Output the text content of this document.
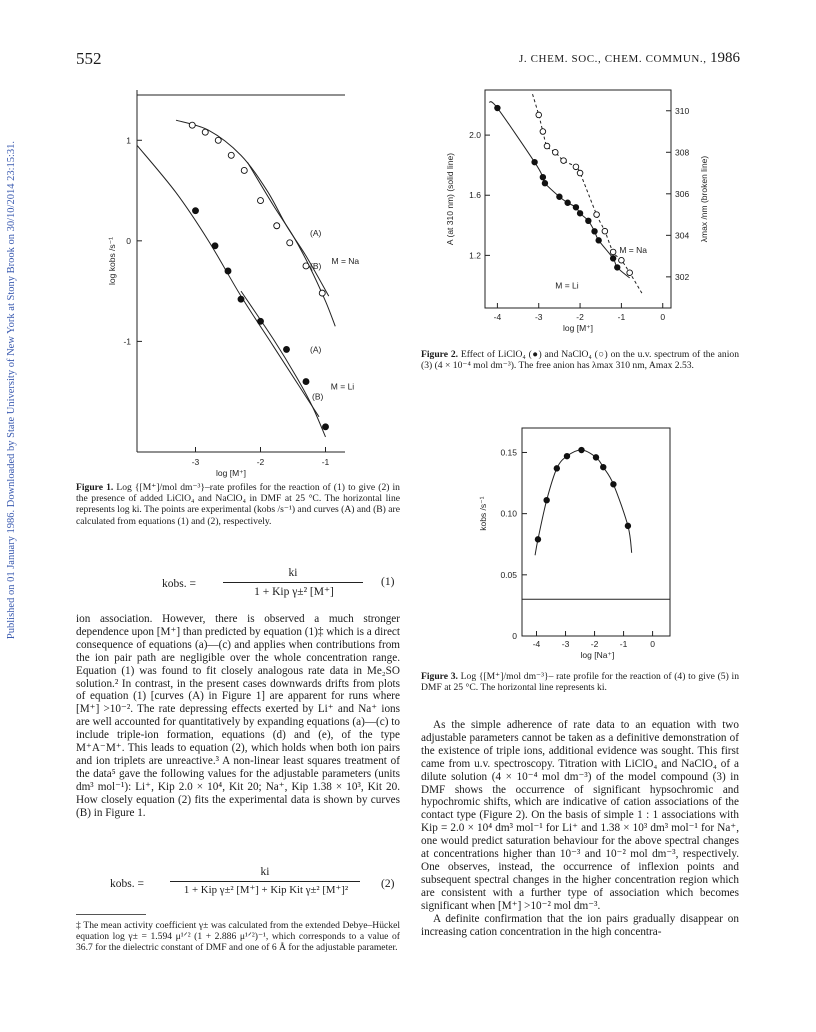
Published on 01 January 1986. Downloaded by State University of New York at Stony Brook on 30/10/2014 23:15:31.
552	J. CHEM. SOC., CHEM. COMMUN., 1986
1
0
-1
-3	-2	-1
log [M⁺]
log kobs /s⁻¹
(A)
(B)
M = Na
(A)
M = Li
(B)
Figure 1. Log {[M⁺]/mol dm⁻³}–rate profiles for the reaction of (1) to give (2) in the presence of added LiClO₄ and NaClO₄ in DMF at 25 °C. The horizontal line represents log ki. The points are experimental (kobs /s⁻¹) and curves (A) and (B) are calculated from equations (1) and (2), respectively.
kobs. =
ki
1 + Kip γ±² [M⁺]
(1)

ion association. However, there is observed a much stronger dependence upon [M⁺] than predicted by equation (1)‡ which is a direct consequence of equations (a)—(c) and applies when contributions from the ion pair path are negligible over the whole concentration range. Equation (1) was found to fit closely analogous rate data in Me₂SO solution.² In contrast, in the present cases downwards drifts from plots of equation (1) [curves (A) in Figure 1] are apparent for runs where [M⁺] >10⁻². The rate depressing effects exerted by Li⁺ and Na⁺ ions are well accounted for quantitatively by expanding equations (a)—(c) to include triple-ion formation, equations (d) and (e), of the type M⁺A⁻M⁺. This leads to equation (2), which holds when both ion pairs and ion triplets are unreactive.³ A non-linear least squares treatment of the data⁵ gave the following values for the adjustable parameters (units dm³ mol⁻¹): Li⁺, Kip 2.0 × 10⁴, Kit 20; Na⁺, Kip 1.38 × 10³, Kit 20. How closely equation (2) fits the experimental data is shown by curves (B) in Figure 1.

kobs. =
ki
1 + Kip γ±² [M⁺] + Kip Kit γ±² [M⁺]²	(2)
‡ The mean activity coefficient γ± was calculated from the extended Debye–Hückel equation log γ± = 1.594 μ¹ᐟ² (1 + 2.886 μ¹ᐟ²)⁻¹, which corresponds to a value of 36.7 for the dielectric constant of DMF and one of 6 Å for the adjustable parameter.
2.0
1.6
1.2
310
308
306
304
302
-4	-3	-2	-1	0
log [M⁺]
A (at 310 nm) (solid line)	λmax /nm (broken line)
M = Na
M = Li
Figure 2. Effect of LiClO₄ (●) and NaClO₄ (○) on the u.v. spectrum of the anion (3) (4 × 10⁻⁴ mol dm⁻³). The free anion has λmax 310 nm, Amax 2.53.
0.15
0.10
0.05
0
-4	-3	-2	-1	0
log [Na⁺]
kobs /s⁻¹
Figure 3. Log {[M⁺]/mol dm⁻³}– rate profile for the reaction of (4) to give (5) in DMF at 25 °C. The horizontal line represents ki.

As the simple adherence of rate data to an equation with two adjustable parameters cannot be taken as a definitive demonstration of the existence of triple ions, additional evidence was sought. This first came from u.v. spectroscopy. Titration with LiClO₄ and NaClO₄ of a dilute solution (4 × 10⁻⁴ mol dm⁻³) of the model compound (3) in DMF shows the occurrence of significant hypsochromic and hypochromic shifts, which are indicative of cation associations of the contact type (Figure 2). On the basis of simple 1 : 1 associations with Kip = 2.0 × 10⁴ dm³ mol⁻¹ for Li⁺ and 1.38 × 10³ dm³ mol⁻¹ for Na⁺, one would predict saturation behaviour for the above spectral changes at concentrations higher than 10⁻³ and 10⁻² mol dm⁻³, respectively. One observes, instead, the occurrence of inflexion points and subsequent spectral changes in the higher concentration region which are consistent with a further type of association which becomes significant when [M⁺] >10⁻² mol dm⁻³.

A definite confirmation that the ion pairs gradually disappear on increasing cation concentration in the high concentra-
